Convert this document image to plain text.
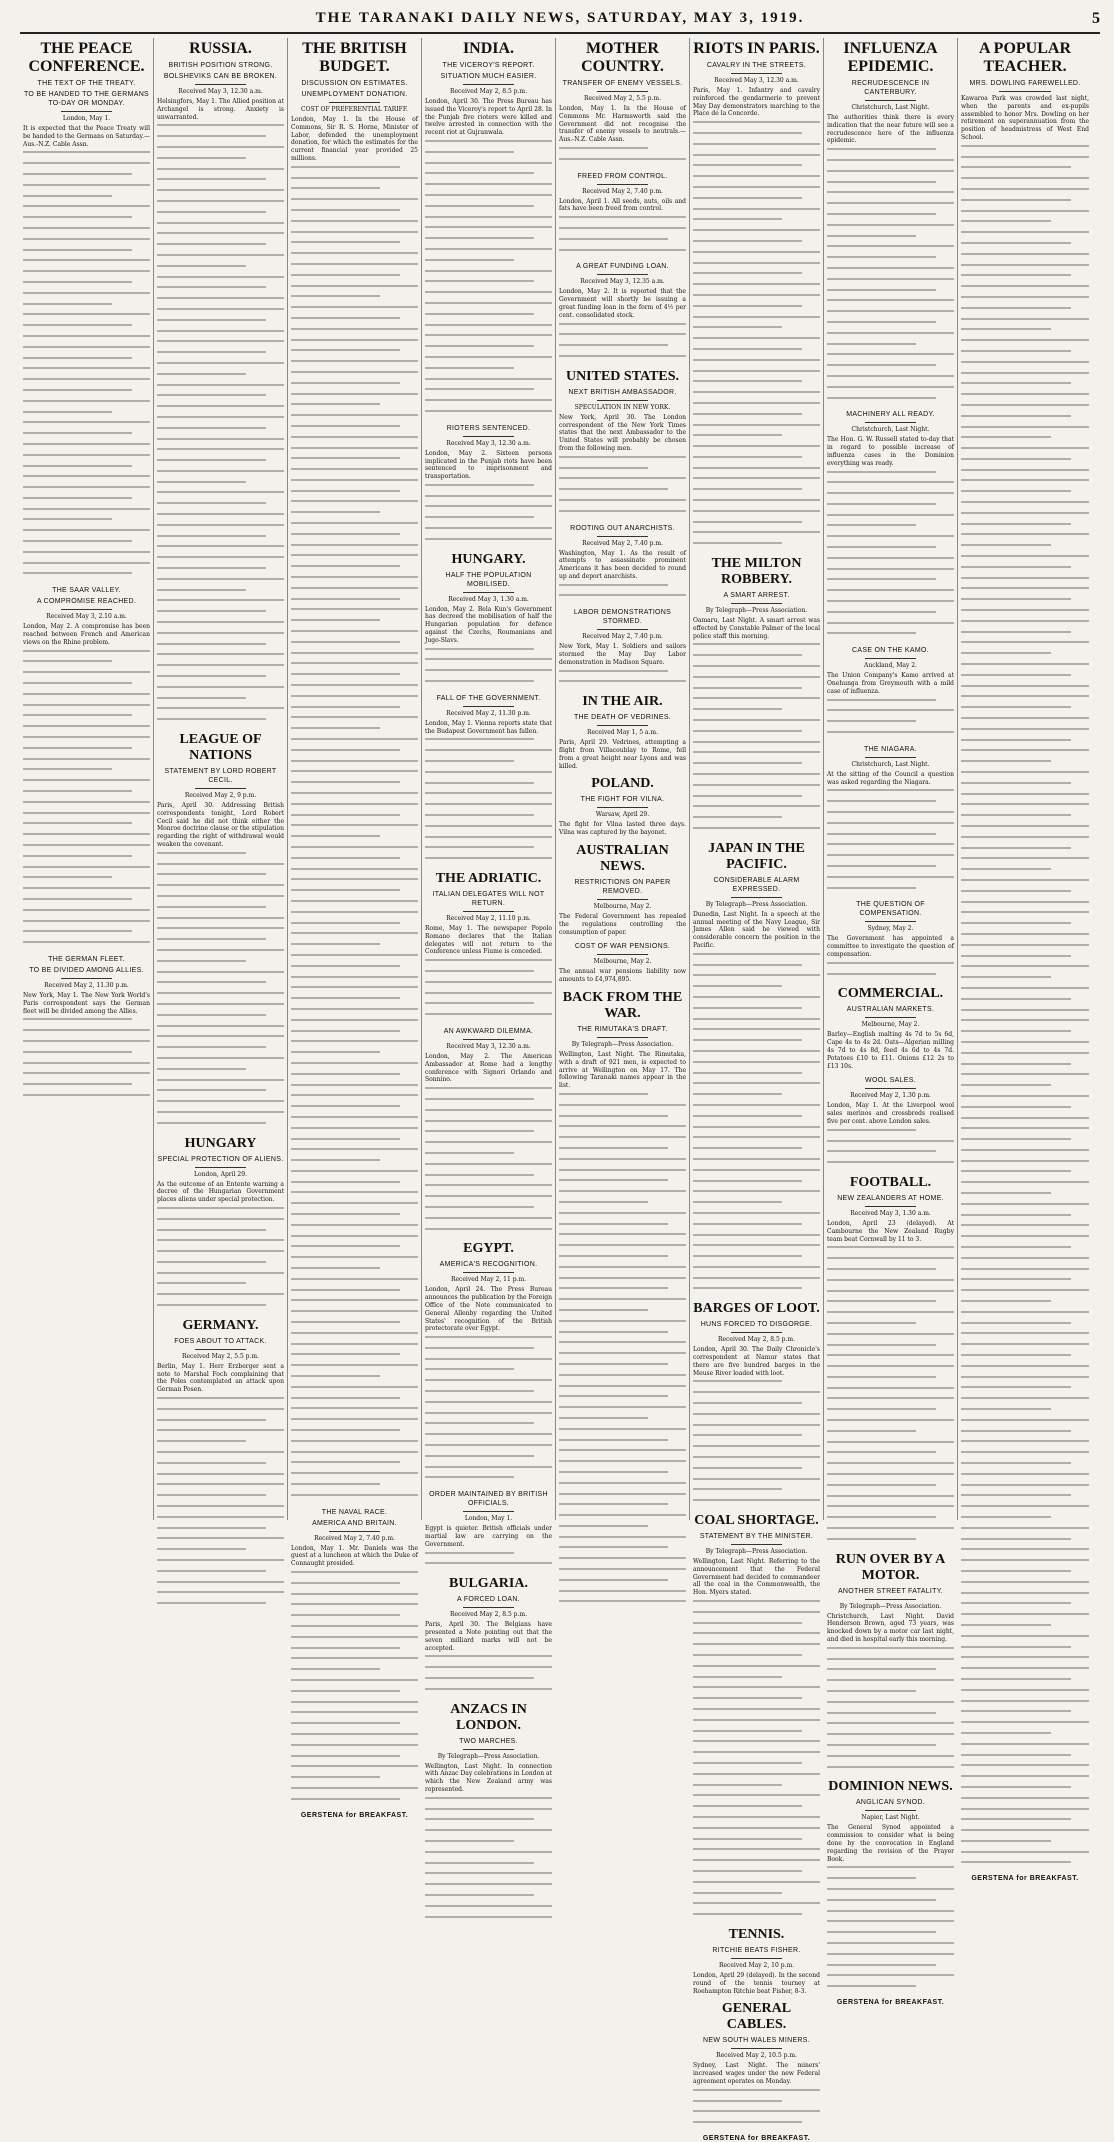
THE TARANAKI DAILY NEWS, SATURDAY, MAY 3, 1919.	5
THE PEACE CONFERENCE.
THE TEXT OF THE TREATY.
TO BE HANDED TO THE GERMANS TO-DAY OR MONDAY.
London, May 1.
It is expected that the Peace Treaty will be handed to the Germans on Saturday.—Aus.-N.Z. Cable Assn.
THE SAAR VALLEY.
A COMPROMISE REACHED.
Received May 3, 2.10 a.m.
London, May 2. A compromise has been reached between French and American views on the Rhine problem.
THE GERMAN FLEET.
TO BE DIVIDED AMONG ALLIES.
Received May 2, 11.30 p.m.
New York, May 1. The New York World's Paris correspondent says the German fleet will be divided among the Allies.
RUSSIA.
BRITISH POSITION STRONG.
BOLSHEVIKS CAN BE BROKEN.
Received May 3, 12.30 a.m.
Helsingfors, May 1. The Allied position at Archangel is strong. Anxiety is unwarranted.
LEAGUE OF NATIONS
STATEMENT BY LORD ROBERT CECIL.
Received May 2, 9 p.m.
Paris, April 30. Addressing British correspondents tonight, Lord Robert Cecil said he did not think either the Monroe doctrine clause or the stipulation regarding the right of withdrawal would weaken the covenant.
HUNGARY
SPECIAL PROTECTION OF ALIENS.
London, April 29.
As the outcome of an Entente warning a decree of the Hungarian Government places aliens under special protection.
GERMANY.
FOES ABOUT TO ATTACK.
Received May 2, 5.5 p.m.
Berlin, May 1. Herr Erzberger sent a note to Marshal Foch complaining that the Poles contemplated an attack upon German Posen.
THE BRITISH BUDGET.
DISCUSSION ON ESTIMATES.
UNEMPLOYMENT DONATION.
COST OF PREFERENTIAL TARIFF.
London, May 1. In the House of Commons, Sir R. S. Horne, Minister of Labor, defended the unemployment donation, for which the estimates for the current financial year provided 25 millions.
THE NAVAL RACE.
AMERICA AND BRITAIN.
Received May 2, 7.40 p.m.
London, May 1. Mr. Daniels was the guest at a luncheon at which the Duke of Connaught presided.
GERSTENA for BREAKFAST.
INDIA.
THE VICEROY'S REPORT.
SITUATION MUCH EASIER.
Received May 2, 8.5 p.m.
London, April 30. The Press Bureau has issued the Viceroy's report to April 28. In the Punjab five rioters were killed and twelve arrested in connection with the recent riot at Gujranwala.
RIOTERS SENTENCED.
Received May 3, 12.30 a.m.
London, May 2. Sixteen persons implicated in the Punjab riots have been sentenced to imprisonment and transportation.
HUNGARY.
HALF THE POPULATION MOBILISED.
Received May 3, 1.30 a.m.
London, May 2. Bela Kun's Government has decreed the mobilisation of half the Hungarian population for defence against the Czechs, Roumanians and Jugo-Slavs.
FALL OF THE GOVERNMENT.
Received May 2, 11.30 p.m.
London, May 1. Vienna reports state that the Budapest Government has fallen.
THE ADRIATIC.
ITALIAN DELEGATES WILL NOT RETURN.
Received May 2, 11.10 p.m.
Rome, May 1. The newspaper Popolo Romano declares that the Italian delegates will not return to the Conference unless Fiume is conceded.
AN AWKWARD DILEMMA.
Received May 3, 12.30 a.m.
London, May 2. The American Ambassador at Rome had a lengthy conference with Signori Orlando and Sonnino.
EGYPT.
AMERICA'S RECOGNITION.
Received May 2, 11 p.m.
London, April 24. The Press Bureau announces the publication by the Foreign Office of the Note communicated to General Allenby regarding the United States' recognition of the British protectorate over Egypt.
ORDER MAINTAINED BY BRITISH OFFICIALS.
London, May 1.
Egypt is quieter. British officials under martial law are carrying on the Government.
BULGARIA.
A FORCED LOAN.
Received May 2, 8.5 p.m.
Paris, April 30. The Belgians have presented a Note pointing out that the seven milliard marks will not be accepted.
ANZACS IN LONDON.
TWO MARCHES.
By Telegraph—Press Association.
Wellington, Last Night. In connection with Anzac Day celebrations in London at which the New Zealand army was represented.
MOTHER COUNTRY.
TRANSFER OF ENEMY VESSELS.
Received May 2, 5.5 p.m.
London, May 1. In the House of Commons Mr. Harmsworth said the Government did not recognise the transfer of enemy vessels to neutrals.—Aus.-N.Z. Cable Assn.
FREED FROM CONTROL.
Received May 2, 7.40 p.m.
London, April 1. All seeds, nuts, oils and fats have been freed from control.
A GREAT FUNDING LOAN.
Received May 3, 12.35 a.m.
London, May 2. It is reported that the Government will shortly be issuing a great funding loan in the form of 4½ per cent. consolidated stock.
UNITED STATES.
NEXT BRITISH AMBASSADOR.
SPECULATION IN NEW YORK.
New York, April 30. The London correspondent of the New York Times states that the next Ambassador to the United States will probably be chosen from the following men.
ROOTING OUT ANARCHISTS.
Received May 2, 7.40 p.m.
Washington, May 1. As the result of attempts to assassinate prominent Americans it has been decided to round up and deport anarchists.
LABOR DEMONSTRATIONS STORMED.
Received May 2, 7.40 p.m.
New York, May 1. Soldiers and sailors stormed the May Day Labor demonstration in Madison Square.
IN THE AIR.
THE DEATH OF VEDRINES.
Received May 1, 5 a.m.
Paris, April 29. Vedrines, attempting a flight from Villacoublay to Rome, fell from a great height near Lyons and was killed.
POLAND.
THE FIGHT FOR VILNA.
Warsaw, April 29.
The fight for Vilna lasted three days. Vilna was captured by the bayonet.
AUSTRALIAN NEWS.
RESTRICTIONS ON PAPER REMOVED.
Melbourne, May 2.
The Federal Government has repealed the regulations controlling the consumption of paper.
COST OF WAR PENSIONS.
Melbourne, May 2.
The annual war pensions liability now amounts to £4,974,895.
BACK FROM THE WAR.
THE RIMUTAKA'S DRAFT.
By Telegraph—Press Association.
Wellington, Last Night. The Rimutaka, with a draft of 921 men, is expected to arrive at Wellington on May 17. The following Taranaki names appear in the list.
RIOTS IN PARIS.
CAVALRY IN THE STREETS.
Received May 3, 12.30 a.m.
Paris, May 1. Infantry and cavalry reinforced the gendarmerie to prevent May Day demonstrators marching to the Place de la Concorde.
THE MILTON ROBBERY.
A SMART ARREST.
By Telegraph—Press Association.
Oamaru, Last Night. A smart arrest was effected by Constable Palmer of the local police staff this morning.
JAPAN IN THE PACIFIC.
CONSIDERABLE ALARM EXPRESSED.
By Telegraph—Press Association.
Dunedin, Last Night. In a speech at the annual meeting of the Navy League, Sir James Allen said he viewed with considerable concern the position in the Pacific.
BARGES OF LOOT.
HUNS FORCED TO DISGORGE.
Received May 2, 8.5 p.m.
London, April 30. The Daily Chronicle's correspondent at Namur states that there are five hundred barges in the Meuse River loaded with loot.
COAL SHORTAGE.
STATEMENT BY THE MINISTER.
By Telegraph—Press Association.
Wellington, Last Night. Referring to the announcement that the Federal Government had decided to commandeer all the coal in the Commonwealth, the Hon. Myers stated.
TENNIS.
RITCHIE BEATS FISHER.
Received May 2, 10 p.m.
London, April 29 (delayed). In the second round of the tennis tourney at Roehampton Ritchie beat Fisher, 8-3.
GENERAL CABLES.
NEW SOUTH WALES MINERS.
Received May 2, 10.5 p.m.
Sydney, Last Night. The miners' increased wages under the new Federal agreement operates on Monday.
GERSTENA for BREAKFAST.
INFLUENZA EPIDEMIC.
RECRUDESCENCE IN CANTERBURY.
Christchurch, Last Night.
The authorities think there is every indication that the near future will see a recrudescence here of the influenza epidemic.
MACHINERY ALL READY.
Christchurch, Last Night.
The Hon. G. W. Russell stated to-day that in regard to possible increase of influenza cases in the Dominion everything was ready.
CASE ON THE KAMO.
Auckland, May 2.
The Union Company's Kamo arrived at Onehunga from Greymouth with a mild case of influenza.
THE NIAGARA.
Christchurch, Last Night.
At the sitting of the Council a question was asked regarding the Niagara.
THE QUESTION OF COMPENSATION.
Sydney, May 2.
The Government has appointed a committee to investigate the question of compensation.
COMMERCIAL.
AUSTRALIAN MARKETS.
Melbourne, May 2.
Barley—English malting 4s 7d to 5s 6d, Cape 4s to 4s 2d. Oats—Algerian milling 4s 7d to 4s 8d, feed 4s 6d to 4s 7d. Potatoes £10 to £11. Onions £12 2s to £13 10s.
WOOL SALES.
Received May 2, 1.30 p.m.
London, May 1. At the Liverpool wool sales merinos and crossbreds realised five per cent. above London sales.
FOOTBALL.
NEW ZEALANDERS AT HOME.
Received May 3, 1.30 a.m.
London, April 23 (delayed). At Cambourne the New Zealand Rugby team beat Cornwall by 11 to 3.
RUN OVER BY A MOTOR.
ANOTHER STREET FATALITY.
By Telegraph—Press Association.
Christchurch, Last Night. David Henderson Brown, aged 73 years, was knocked down by a motor car last night, and died in hospital early this morning.
DOMINION NEWS.
ANGLICAN SYNOD.
Napier, Last Night.
The General Synod appointed a commission to consider what is being done by the convocation in England regarding the revision of the Prayer Book.
GERSTENA for BREAKFAST.
A POPULAR TEACHER.
MRS. DOWLING FAREWELLED.
Kawaroa Park was crowded last night, when the parents and ex-pupils assembled to honor Mrs. Dowling on her retirement on superannuation from the position of headmistress of West End School.
GERSTENA for BREAKFAST.
